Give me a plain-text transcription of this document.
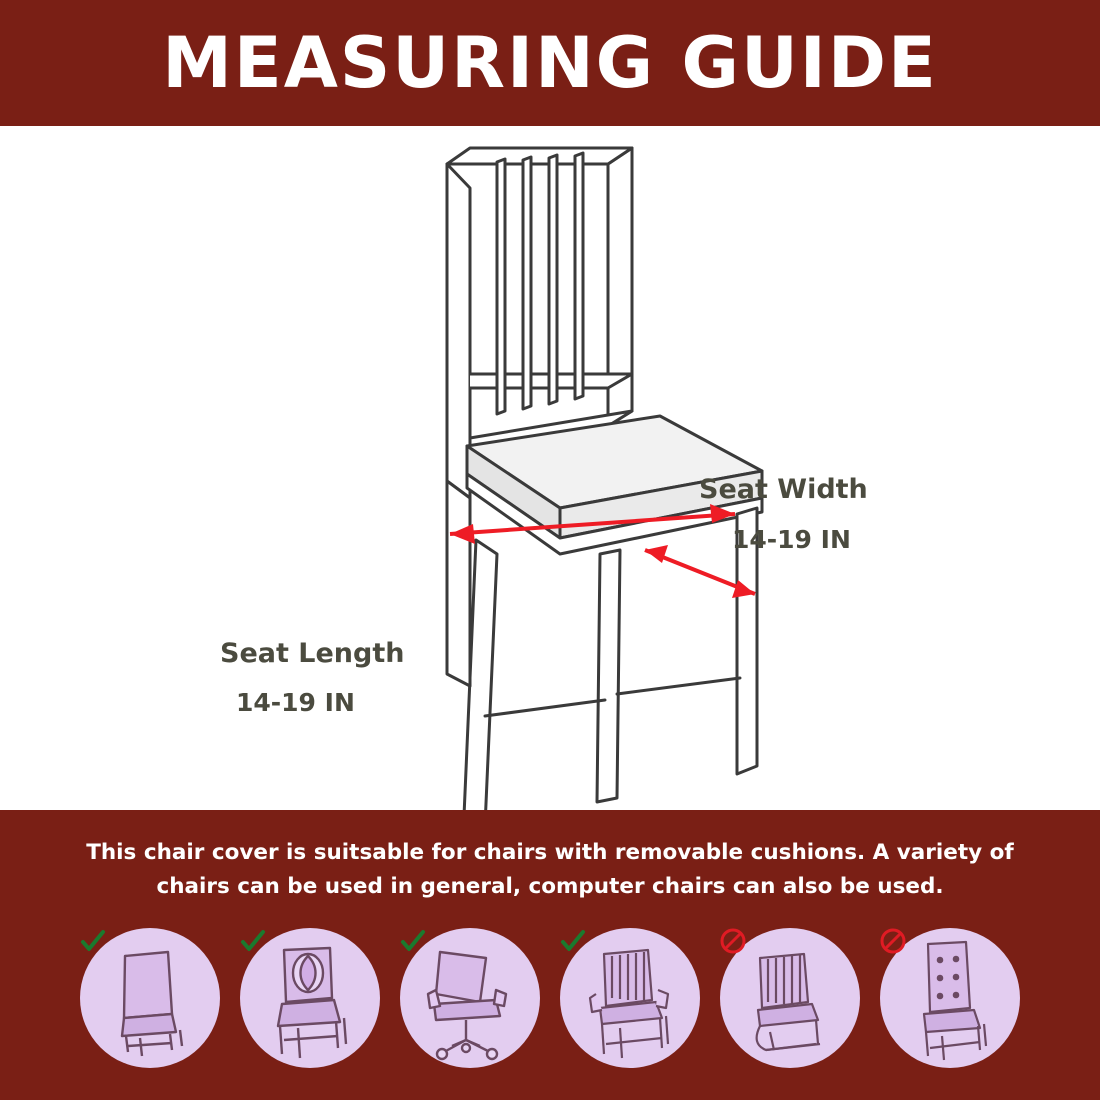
MEASURING GUIDE
Seat Width
14-19 IN
Seat Length
14-19 IN
This chair cover is suitsable for chairs with removable cushions. A variety of chairs can be used in general, computer chairs can also be used.
